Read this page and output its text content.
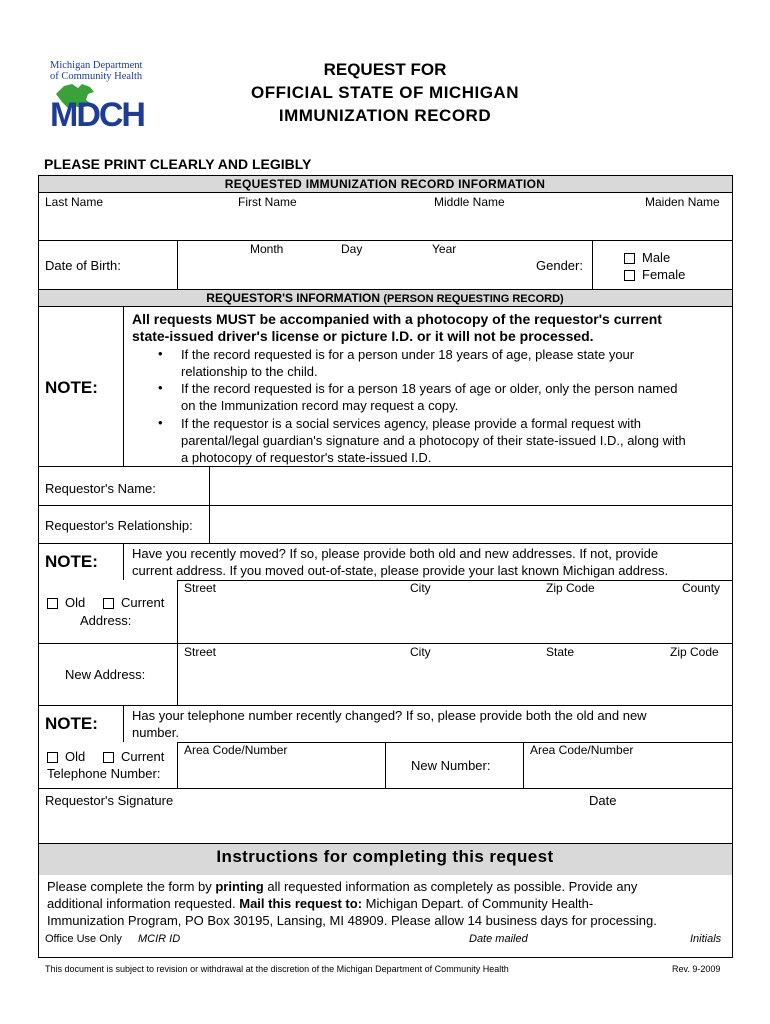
Michigan Department
of Community Health
MDCH
REQUEST FOR
OFFICIAL STATE OF MICHIGAN
IMMUNIZATION RECORD
PLEASE PRINT CLEARLY AND LEGIBLY
REQUESTED IMMUNIZATION RECORD INFORMATION
Last Name	First Name	Middle Name	Maiden Name
Month	Day	Year
Date of Birth:	Gender:
Male
Female
REQUESTOR'S INFORMATION (PERSON REQUESTING RECORD)
NOTE:
All requests MUST be accompanied with a photocopy of the requestor's current
state-issued driver's license or picture I.D. or it will not be processed.
• If the record requested is for a person under 18 years of age, please state your
relationship to the child.
• If the record requested is for a person 18 years of age or older, only the person named
on the Immunization record may request a copy.
• If the requestor is a social services agency, please provide a formal request with
parental/legal guardian's signature and a photocopy of their state-issued I.D., along with
a photocopy of requestor's state-issued I.D.
Requestor's Name:
Requestor's Relationship:
NOTE:	Have you recently moved? If so, please provide both old and new addresses. If not, provide
current address. If you moved out-of-state, please provide your last known Michigan address.
Street	City	Zip Code	County
Old	Current
Address:
Street	City	State	Zip Code
New Address:
NOTE:	Has your telephone number recently changed? If so, please provide both the old and new
number.
Old	Current
Telephone Number:
Area Code/Number
New Number:
Area Code/Number
Requestor's Signature	Date
Instructions for completing this request
Please complete the form by printing all requested information as completely as possible. Provide any
additional information requested. Mail this request to: Michigan Depart. of Community Health-
Immunization Program, PO Box 30195, Lansing, MI 48909. Please allow 14 business days for processing.
Office Use Only MCIR ID	Date mailed	Initials
This document is subject to revision or withdrawal at the discretion of the Michigan Department of Community Health	Rev. 9-2009
